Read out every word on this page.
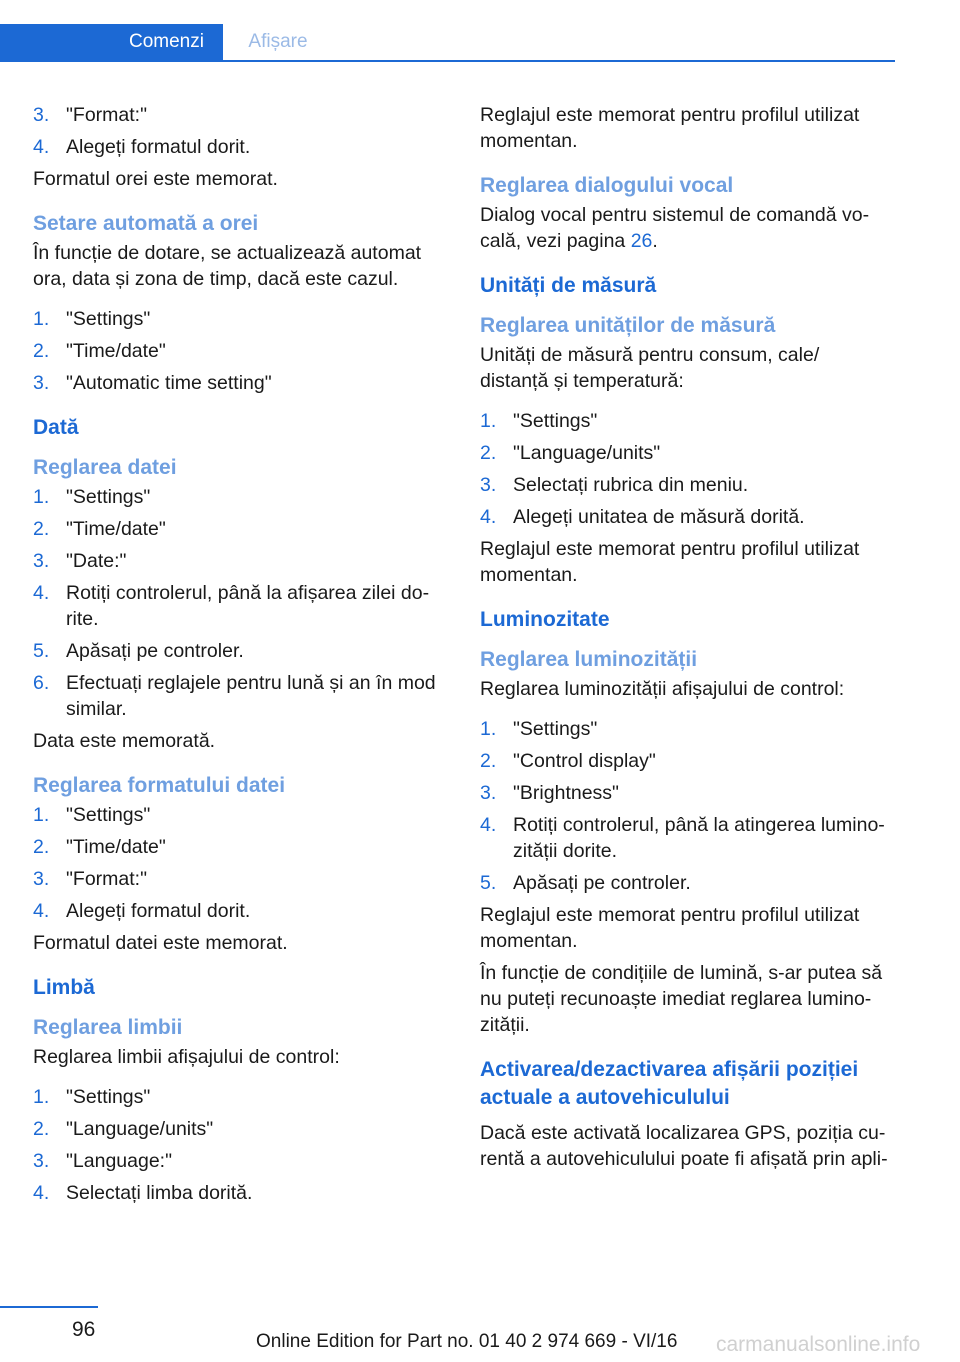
Comenzi	Afișare
3. "Format:"
4. Alegeți formatul dorit.

Formatul orei este memorat.

Setare automată a orei

În funcție de dotare, se actualizează automat ora, data și zona de timp, dacă este cazul.

1. "Settings"
2. "Time/date"
3. "Automatic time setting"
Dată
Reglarea datei
1. "Settings"
2. "Time/date"
3. "Date:"
4. Rotiți controlerul, până la afișarea zilei do‐rite.
5. Apăsați pe controler.
6. Efectuați reglajele pentru lună și an în mod similar.

Data este memorată.

Reglarea formatului datei
1. "Settings"
2. "Time/date"
3. "Format:"
4. Alegeți formatul dorit.

Formatul datei este memorat.

Limbă
Reglarea limbii

Reglarea limbii afișajului de control:

1. "Settings"
2. "Language/units"
3. "Language:"
4. Selectați limba dorită.

Reglajul este memorat pentru profilul utilizat momentan.

Reglarea dialogului vocal

Dialog vocal pentru sistemul de comandă vo‐cală, vezi pagina 26.

Unități de măsură
Reglarea unităților de măsură

Unități de măsură pentru consum, cale/ distanță și temperatură:

1. "Settings"
2. "Language/units"
3. Selectați rubrica din meniu.
4. Alegeți unitatea de măsură dorită.

Reglajul este memorat pentru profilul utilizat momentan.

Luminozitate
Reglarea luminozității

Reglarea luminozității afișajului de control:

1. "Settings"
2. "Control display"
3. "Brightness"
4. Rotiți controlerul, până la atingerea lumino‐zității dorite.
5. Apăsați pe controler.

Reglajul este memorat pentru profilul utilizat momentan.

În funcție de condițiile de lumină, s-ar putea să nu puteți recunoaște imediat reglarea lumino‐zității.

Activarea/dezactivarea afișării poziției actuale a autovehiculului

Dacă este activată localizarea GPS, poziția cu‐rentă a autovehiculului poate fi afișată prin apli‐

96
Online Edition for Part no. 01 40 2 974 669 - VI/16 carmanualsonline.info
